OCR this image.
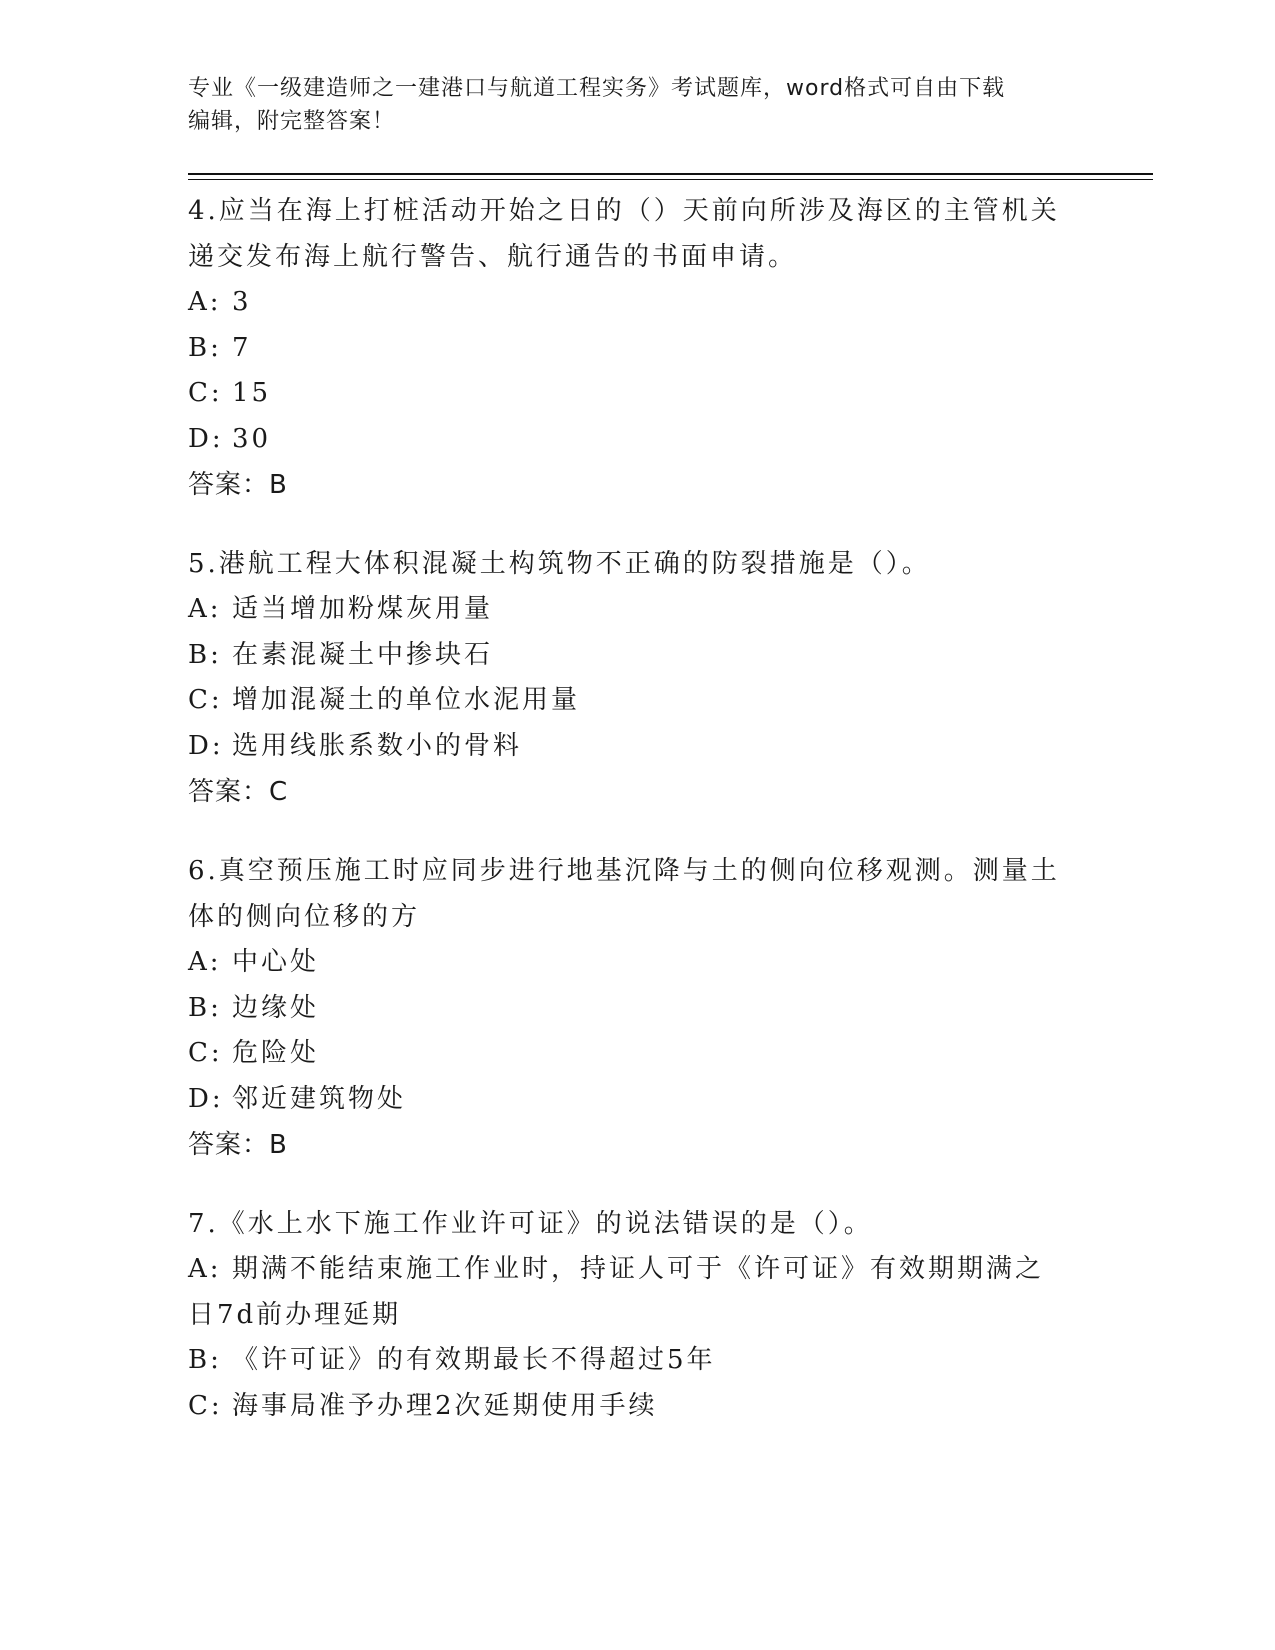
专业《一级建造师之一建港口与航道工程实务》考试题库，word格式可自由下载
编辑，附完整答案！

4.应当在海上打桩活动开始之日的（）天前向所涉及海区的主管机关递交发布海上航行警告、航行通告的书面申请。

A: 3

B: 7

C: 15

D: 30

答案：B

5.港航工程大体积混凝土构筑物不正确的防裂措施是（）。

A: 适当增加粉煤灰用量

B: 在素混凝土中掺块石

C: 增加混凝土的单位水泥用量

D: 选用线胀系数小的骨料

答案：C

6.真空预压施工时应同步进行地基沉降与土的侧向位移观测。测量土体的侧向位移的方

A: 中心处

B: 边缘处

C: 危险处

D: 邻近建筑物处

答案：B

7.《水上水下施工作业许可证》的说法错误的是（）。

A: 期满不能结束施工作业时，持证人可于《许可证》有效期期满之日7d前办理延期

B: 《许可证》的有效期最长不得超过5年

C: 海事局准予办理2次延期使用手续
